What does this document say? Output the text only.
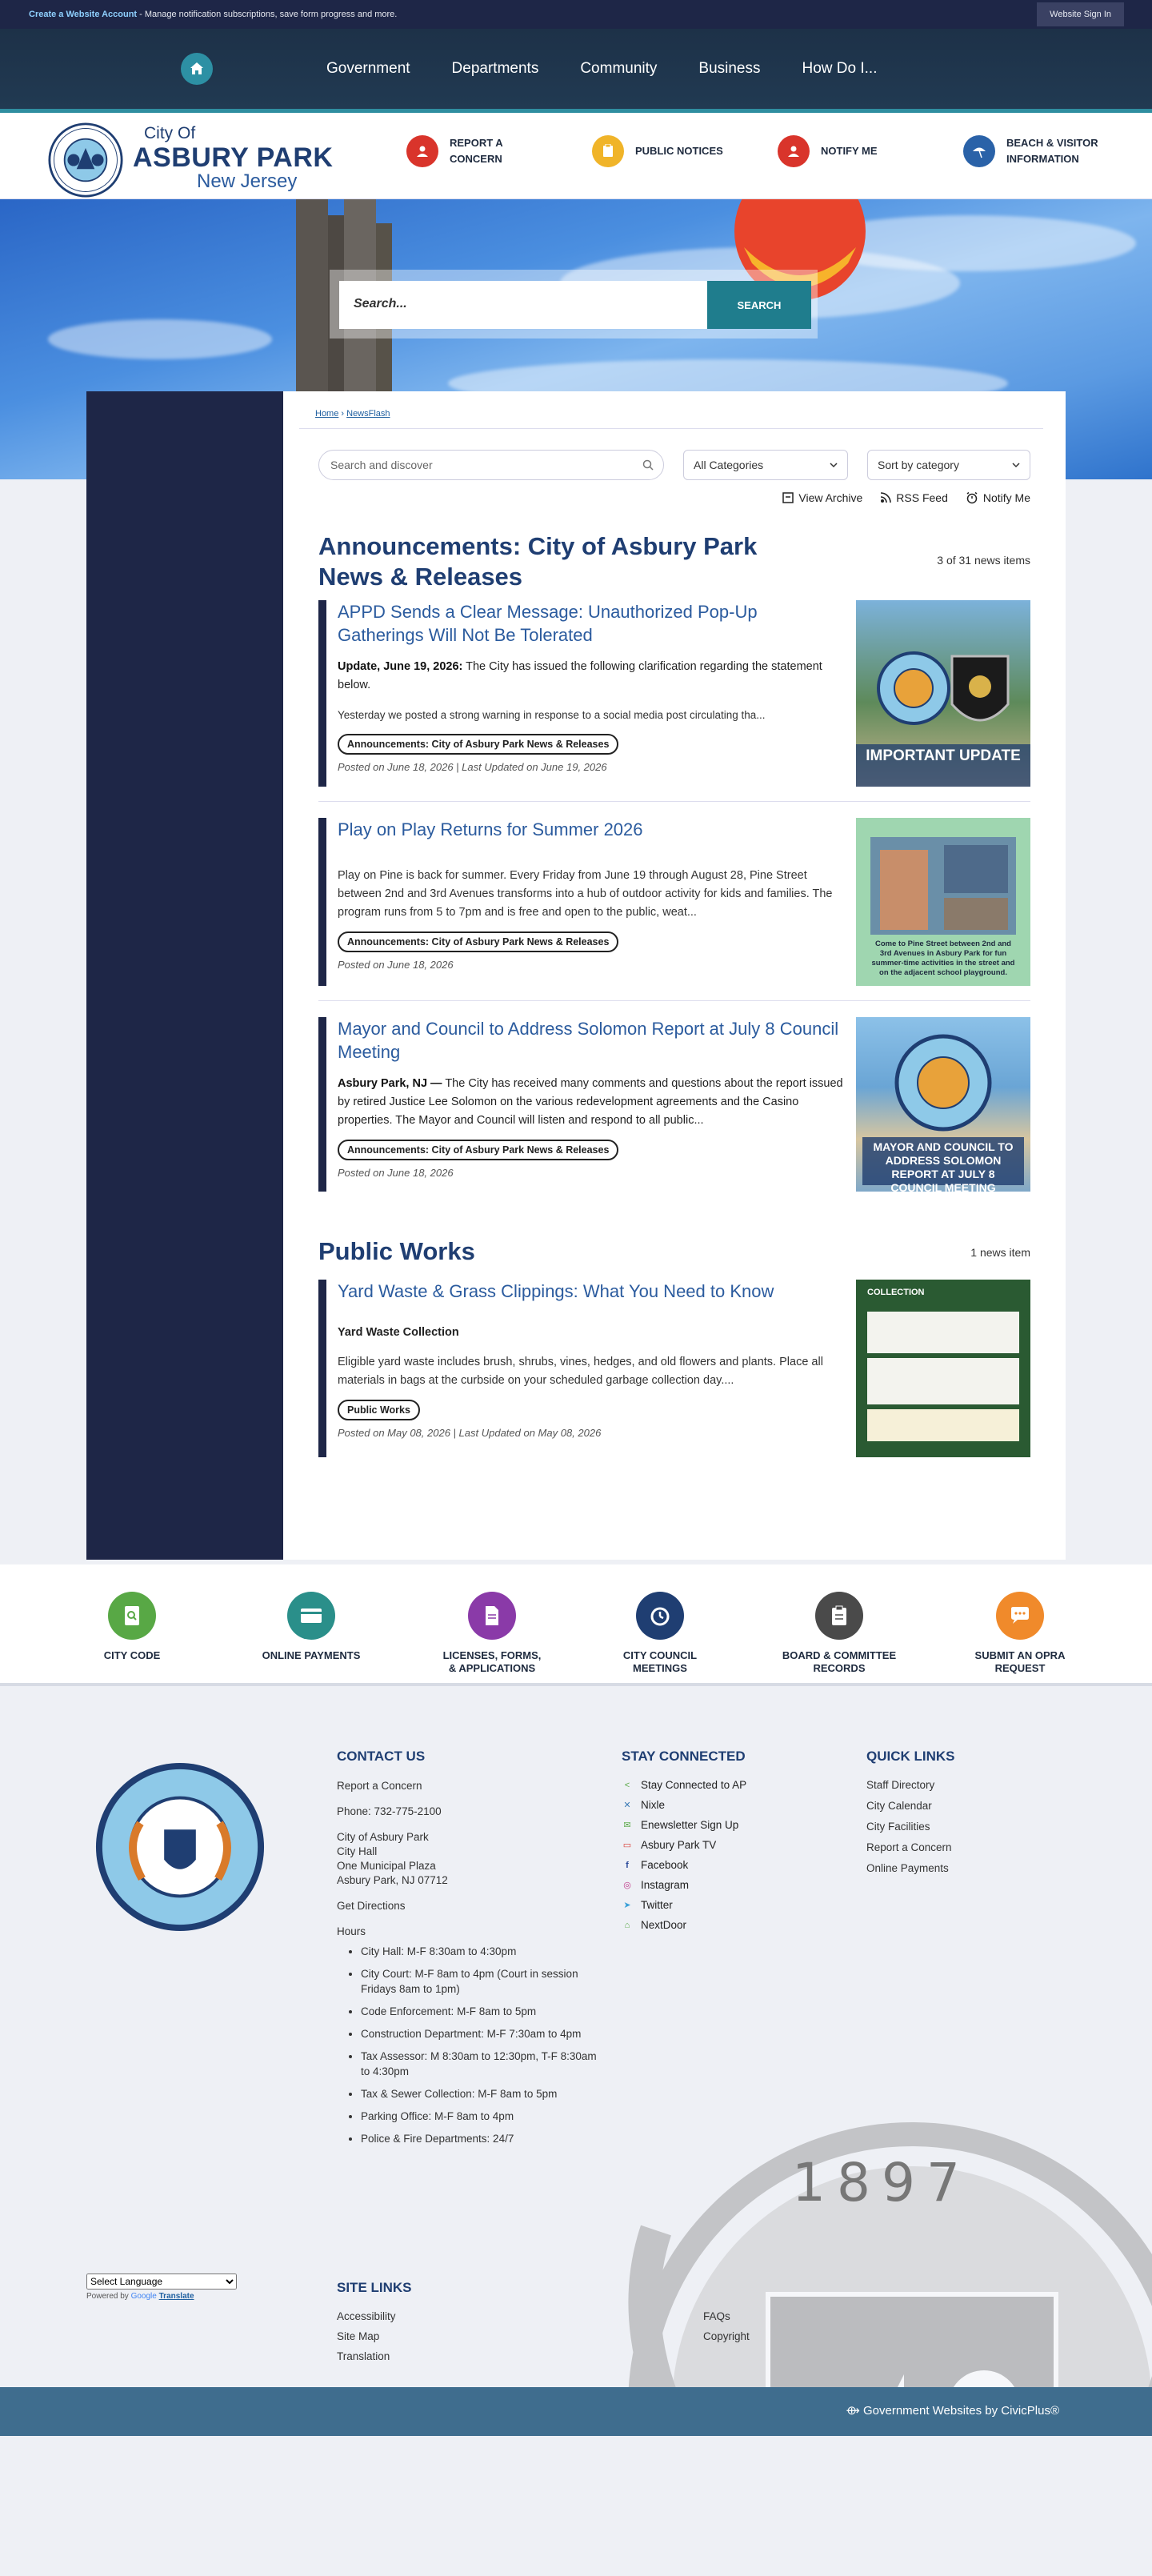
Create a Website Account - Manage notification subscriptions, save form progress and more.	Website Sign In
Government	Departments	Community	Business	How Do I...
City Of
ASBURY PARK
New Jersey
REPORT A
CONCERN
PUBLIC NOTICES	NOTIFY ME
BEACH & VISITOR
INFORMATION
Search...	SEARCH
Home › NewsFlash
Search and discover	All Categories	Sort by category
View Archive	RSS Feed	Notify Me
Announcements: City of Asbury Park News & Releases
3 of 31 news items
APPD Sends a Clear Message: Unauthorized Pop-Up Gatherings Will Not Be Tolerated
Update, June 19, 2026: The City has issued the following clarification regarding the statement below.
Yesterday we posted a strong warning in response to a social media post circulating tha...
Announcements: City of Asbury Park News & Releases
Posted on June 18, 2026 | Last Updated on June 19, 2026
IMPORTANT UPDATE
Play on Play Returns for Summer 2026
Play on Pine is back for summer. Every Friday from June 19 through August 28, Pine Street between 2nd and 3rd Avenues transforms into a hub of outdoor activity for kids and families. The program runs from 5 to 7pm and is free and open to the public, weat...
Announcements: City of Asbury Park News & Releases
Posted on June 18, 2026
Come to Pine Street between 2nd and 3rd Avenues in Asbury Park for fun summer-time activities in the street and on the adjacent school playground.
Mayor and Council to Address Solomon Report at July 8 Council Meeting
Asbury Park, NJ — The City has received many comments and questions about the report issued by retired Justice Lee Solomon on the various redevelopment agreements and the Casino properties. The Mayor and Council will listen and respond to all public...
Announcements: City of Asbury Park News & Releases
Posted on June 18, 2026
MAYOR AND COUNCIL TO ADDRESS SOLOMON REPORT AT JULY 8 COUNCIL MEETING
Public Works	1 news item
Yard Waste & Grass Clippings: What You Need to Know
Yard Waste Collection
Eligible yard waste includes brush, shrubs, vines, hedges, and old flowers and plants. Place all materials in bags at the curbside on your scheduled garbage collection day....
Public Works
Posted on May 08, 2026 | Last Updated on May 08, 2026
COLLECTION
CITY CODE	ONLINE PAYMENTS	LICENSES, FORMS, & APPLICATIONS
CITY COUNCIL MEETINGS
BOARD & COMMITTEE RECORDS
SUBMIT AN OPRA REQUEST
1897
CONTACT US
Report a Concern
Phone: 732-775-2100
City of Asbury Park
City Hall
One Municipal Plaza
Asbury Park, NJ 07712
Get Directions
Hours
• City Hall: M-F 8:30am to 4:30pm
• City Court: M-F 8am to 4pm (Court in session Fridays 8am to 1pm)
• Code Enforcement: M-F 8am to 5pm
• Construction Department: M-F 7:30am to 4pm
• Tax Assessor: M 8:30am to 12:30pm, T-F 8:30am to 4:30pm
• Tax & Sewer Collection: M-F 8am to 5pm
• Parking Office: M-F 8am to 4pm
• Police & Fire Departments: 24/7
STAY CONNECTED
< Stay Connected to AP
✕ Nixle
✉ Enewsletter Sign Up
▭ Asbury Park TV
f	Facebook
◎ Instagram
➤ Twitter
⌂ NextDoor
QUICK LINKS
Staff Directory
City Calendar
City Facilities
Report a Concern
Online Payments
Select Language
Powered by Google Translate
SITE LINKS
Accessibility	FAQs
Site Map	Copyright
Translation
⟴ Government Websites by CivicPlus®
